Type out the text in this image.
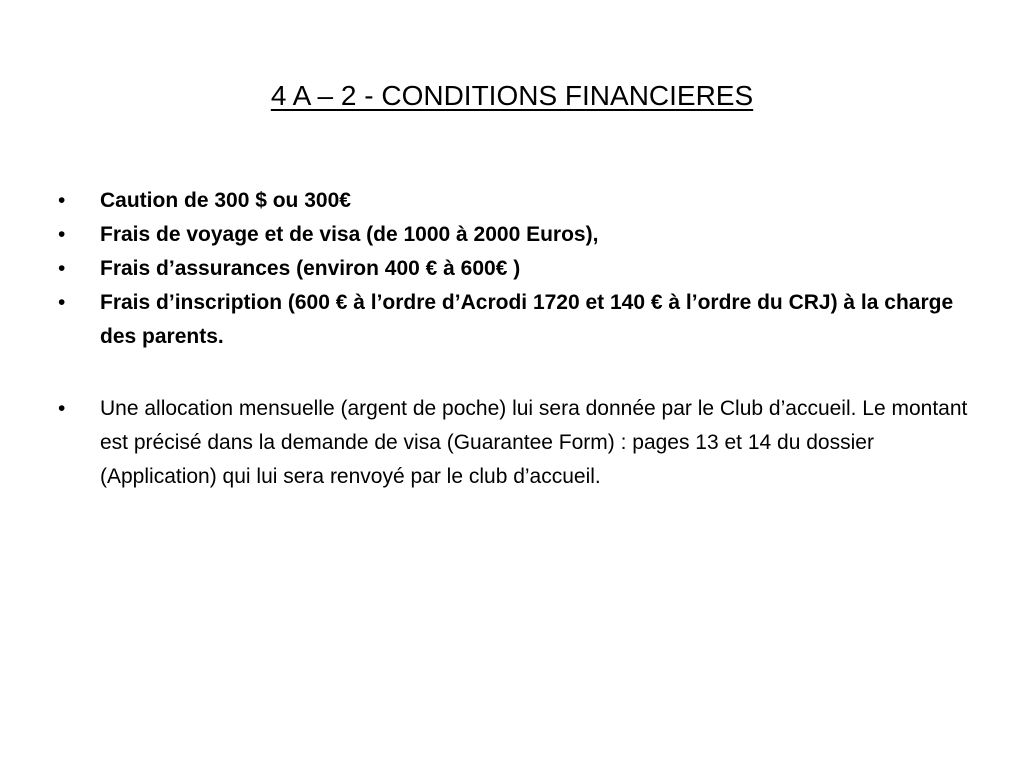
4 A – 2 - CONDITIONS FINANCIERES
•	Caution de 300 $ ou 300€
•	Frais de voyage et de visa (de 1000 à 2000 Euros),
•	Frais d’assurances (environ 400 € à 600€ )
•	Frais d’inscription (600 € à l’ordre d’Acrodi 1720 et 140 € à l’ordre du CRJ) à la charge des parents.
•	Une allocation mensuelle (argent de poche) lui sera donnée par le Club d’accueil. Le montant est précisé dans la demande de visa (Guarantee Form) : pages 13 et 14 du dossier (Application) qui lui sera renvoyé par le club d’accueil.
